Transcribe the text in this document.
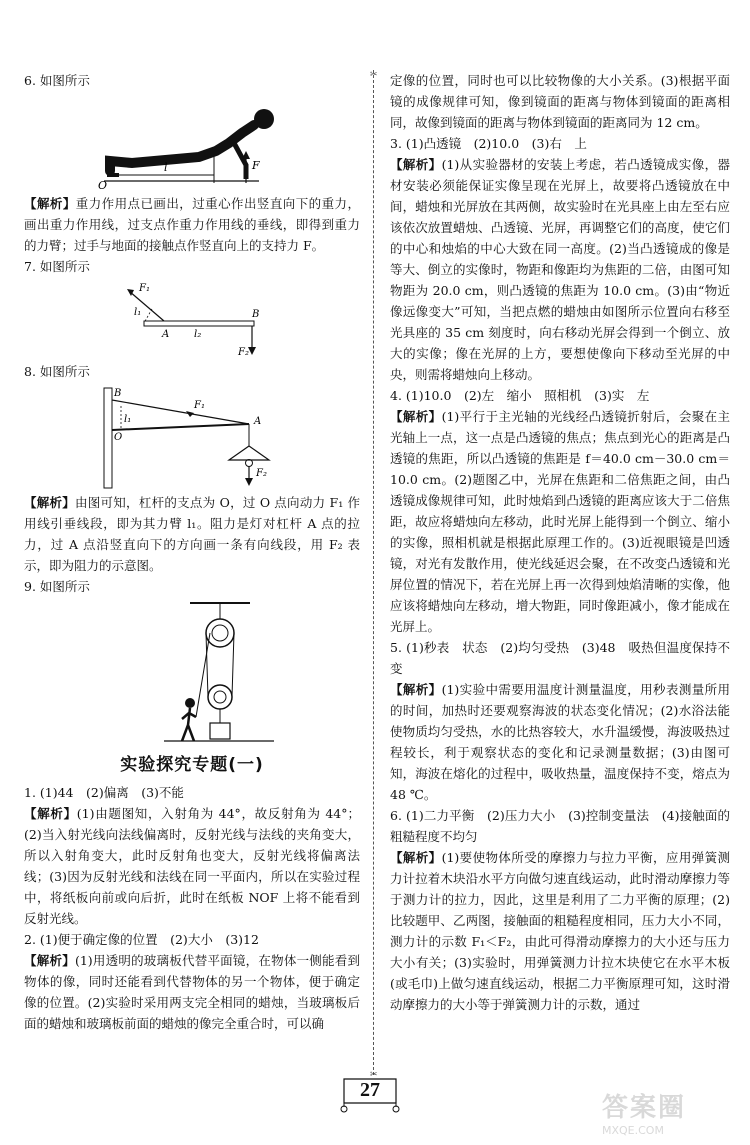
✂
✂

6. 如图所示

O
l	F

【解析】重力作用点已画出，过重心作出竖直向下的重力，画出重力作用线，过支点作重力作用线的垂线，即得到重力的力臂；过手与地面的接触点作竖直向上的支持力 F。

7. 如图所示

F₁
l₁
A l₂
B
F₂

8. 如图所示

B
O
l₁
F₁
A
F₂

【解析】由图可知，杠杆的支点为 O，过 O 点向动力 F₁ 作用线引垂线段，即为其力臂 l₁。阻力是灯对杠杆 A 点的拉力，过 A 点沿竖直向下的方向画一条有向线段，用 F₂ 表示，即为阻力的示意图。

9. 如图所示

实验探究专题(一)

1. (1)44　(2)偏离　(3)不能

【解析】(1)由题图知，入射角为 44°，故反射角为 44°；(2)当入射光线向法线偏离时，反射光线与法线的夹角变大，所以入射角变大，此时反射角也变大，反射光线将偏离法线；(3)因为反射光线和法线在同一平面内，所以在实验过程中，将纸板向前或向后折，此时在纸板 NOF 上将不能看到反射光线。

2. (1)便于确定像的位置　(2)大小　(3)12

【解析】(1)用透明的玻璃板代替平面镜，在物体一侧能看到物体的像，同时还能看到代替物体的另一个物体，便于确定像的位置。(2)实验时采用两支完全相同的蜡烛，当玻璃板后面的蜡烛和玻璃板前面的蜡烛的像完全重合时，可以确

定像的位置，同时也可以比较物像的大小关系。(3)根据平面镜的成像规律可知，像到镜面的距离与物体到镜面的距离相同，故像到镜面的距离与物体到镜面的距离同为 12 cm。

3. (1)凸透镜　(2)10.0　(3)右　上

【解析】(1)从实验器材的安装上考虑，若凸透镜成实像，器材安装必须能保证实像呈现在光屏上，故要将凸透镜放在中间，蜡烛和光屏放在其两侧，故实验时在光具座上由左至右应该依次放置蜡烛、凸透镜、光屏，再调整它们的高度，使它们的中心和烛焰的中心大致在同一高度。(2)当凸透镜成的像是等大、倒立的实像时，物距和像距均为焦距的二倍，由图可知物距为 20.0 cm，则凸透镜的焦距为 10.0 cm。(3)由“物近像远像变大”可知，当把点燃的蜡烛由如图所示位置向右移至光具座的 35 cm 刻度时，向右移动光屏会得到一个倒立、放大的实像；像在光屏的上方，要想使像向下移动至光屏的中央，则需将蜡烛向上移动。

4. (1)10.0　(2)左　缩小　照相机　(3)实　左

【解析】(1)平行于主光轴的光线经凸透镜折射后，会聚在主光轴上一点，这一点是凸透镜的焦点；焦点到光心的距离是凸透镜的焦距，所以凸透镜的焦距是 f＝40.0 cm－30.0 cm＝10.0 cm。(2)题图乙中，光屏在焦距和二倍焦距之间，由凸透镜成像规律可知，此时烛焰到凸透镜的距离应该大于二倍焦距，故应将蜡烛向左移动，此时光屏上能得到一个倒立、缩小的实像，照相机就是根据此原理工作的。(3)近视眼镜是凹透镜，对光有发散作用，使光线延迟会聚，在不改变凸透镜和光屏位置的情况下，若在光屏上再一次得到烛焰清晰的实像，他应该将蜡烛向左移动，增大物距，同时像距减小，像才能成在光屏上。

5. (1)秒表　状态　(2)均匀受热　(3)48　吸热但温度保持不变

【解析】(1)实验中需要用温度计测量温度，用秒表测量所用的时间，加热时还要观察海波的状态变化情况；(2)水浴法能使物质均匀受热，水的比热容较大，水升温缓慢，海波吸热过程较长，利于观察状态的变化和记录测量数据；(3)由图可知，海波在熔化的过程中，吸收热量，温度保持不变，熔点为 48 ℃。

6. (1)二力平衡　(2)压力大小　(3)控制变量法　(4)接触面的粗糙程度不均匀

【解析】(1)要使物体所受的摩擦力与拉力平衡，应用弹簧测力计拉着木块沿水平方向做匀速直线运动，此时滑动摩擦力等于测力计的拉力，因此，这里是利用了二力平衡的原理；(2)比较题甲、乙两图，接触面的粗糙程度相同，压力大小不同，测力计的示数 F₁＜F₂，由此可得滑动摩擦力的大小还与压力大小有关；(3)实验时，用弹簧测力计拉木块使它在水平木板(或毛巾)上做匀速直线运动，根据二力平衡原理可知，这时滑动摩擦力的大小等于弹簧测力计的示数，通过

27
答案圈
MXQE.COM
